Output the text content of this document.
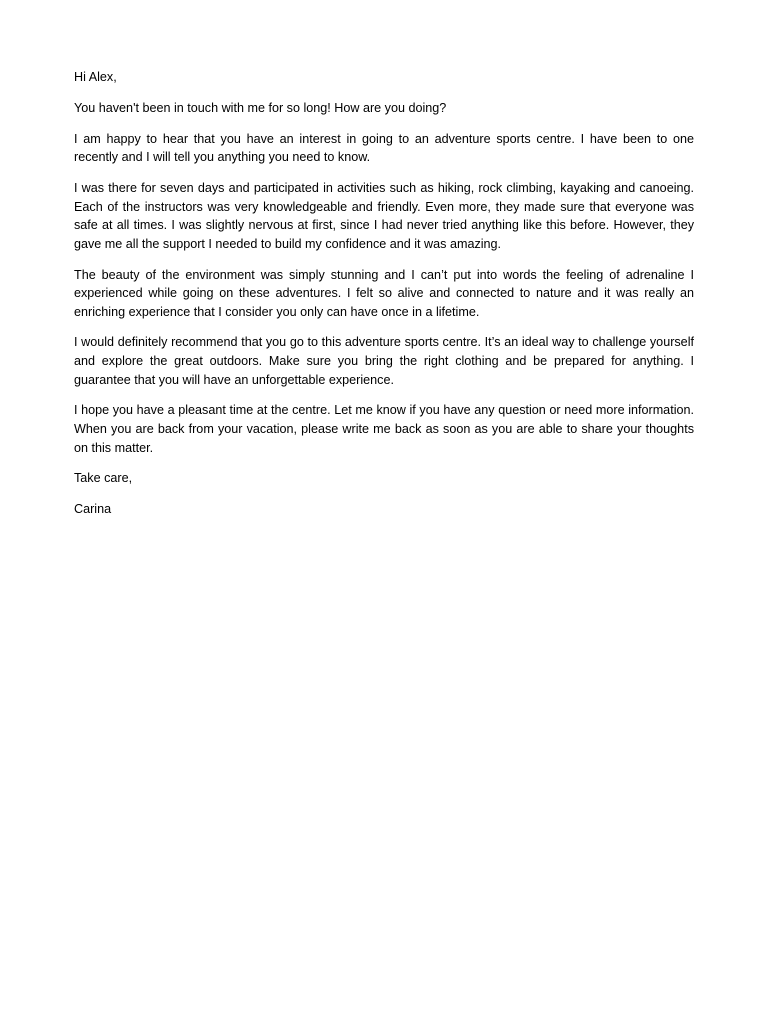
Hi Alex,

You haven't been in touch with me for so long! How are you doing?

I am happy to hear that you have an interest in going to an adventure sports centre. I have been to one recently and I will tell you anything you need to know.

I was there for seven days and participated in activities such as hiking, rock climbing, kayaking and canoeing. Each of the instructors was very knowledgeable and friendly. Even more, they made sure that everyone was safe at all times. I was slightly nervous at first, since I had never tried anything like this before. However, they gave me all the support I needed to build my confidence and it was amazing.

The beauty of the environment was simply stunning and I can’t put into words the feeling of adrenaline I experienced while going on these adventures. I felt so alive and connected to nature and it was really an enriching experience that I consider you only can have once in a lifetime.

I would definitely recommend that you go to this adventure sports centre. It’s an ideal way to challenge yourself and explore the great outdoors. Make sure you bring the right clothing and be prepared for anything. I guarantee that you will have an unforgettable experience.

I hope you have a pleasant time at the centre. Let me know if you have any question or need more information. When you are back from your vacation, please write me back as soon as you are able to share your thoughts on this matter.

Take care,

Carina
